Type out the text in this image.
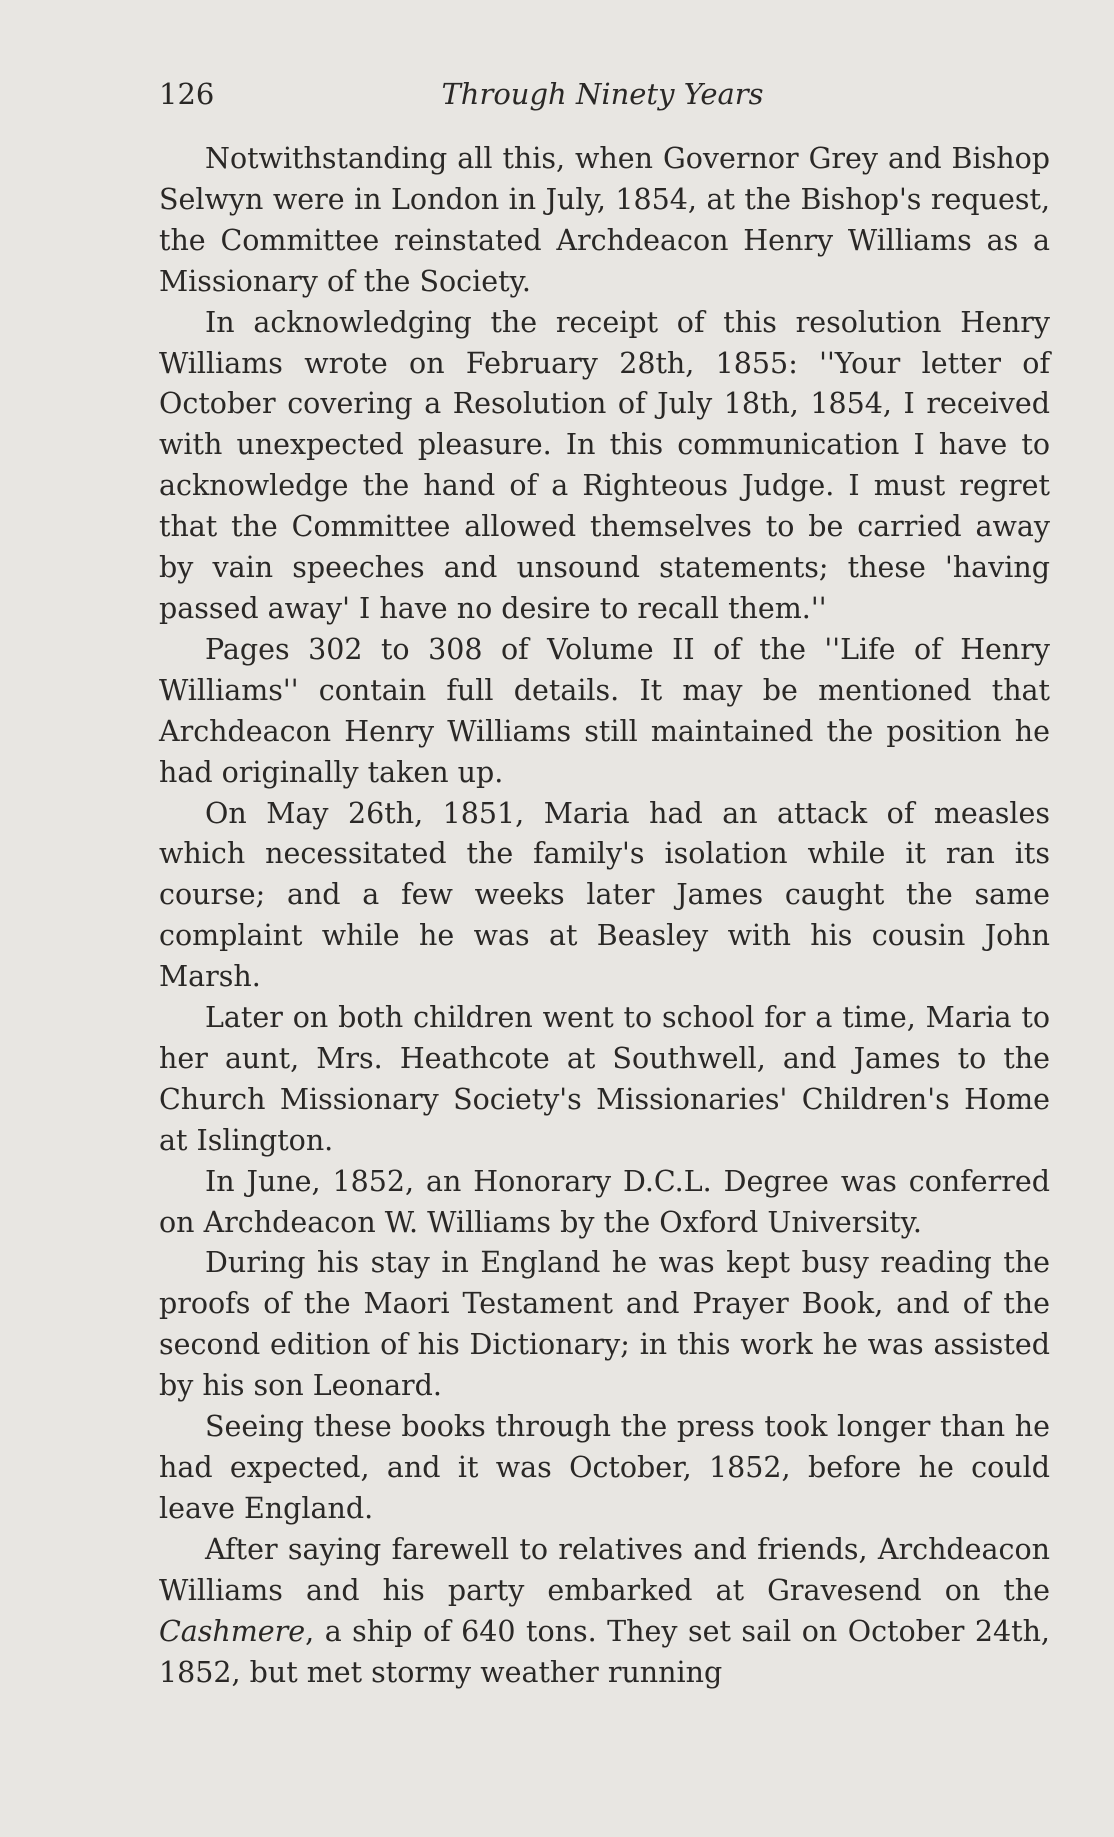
126	Through Ninety Years

Notwithstanding all this, when Governor Grey and Bishop Selwyn were in London in July, 1854, at the Bishop's request, the Committee reinstated Archdeacon Henry Williams as a Missionary of the Society.

In acknowledging the receipt of this resolution Henry Williams wrote on February 28th, 1855: ''Your letter of October covering a Resolution of July 18th, 1854, I received with unexpected pleasure. In this communication I have to acknowledge the hand of a Righteous Judge. I must regret that the Committee allowed themselves to be carried away by vain speeches and unsound statements; these 'having passed away' I have no desire to recall them.''

Pages 302 to 308 of Volume II of the ''Life of Henry Williams'' contain full details. It may be mentioned that Archdeacon Henry Williams still maintained the position he had originally taken up.

On May 26th, 1851, Maria had an attack of measles which necessitated the family's isolation while it ran its course; and a few weeks later James caught the same complaint while he was at Beasley with his cousin John Marsh.

Later on both children went to school for a time, Maria to her aunt, Mrs. Heathcote at Southwell, and James to the Church Missionary Society's Missionaries' Children's Home at Islington.

In June, 1852, an Honorary D.C.L. Degree was conferred on Archdeacon W. Williams by the Oxford University.

During his stay in England he was kept busy reading the proofs of the Maori Testament and Prayer Book, and of the second edition of his Dictionary; in this work he was assisted by his son Leonard.

Seeing these books through the press took longer than he had expected, and it was October, 1852, before he could leave England.

After saying farewell to relatives and friends, Archdeacon Williams and his party embarked at Gravesend on the Cashmere, a ship of 640 tons. They set sail on October 24th, 1852, but met stormy weather running
